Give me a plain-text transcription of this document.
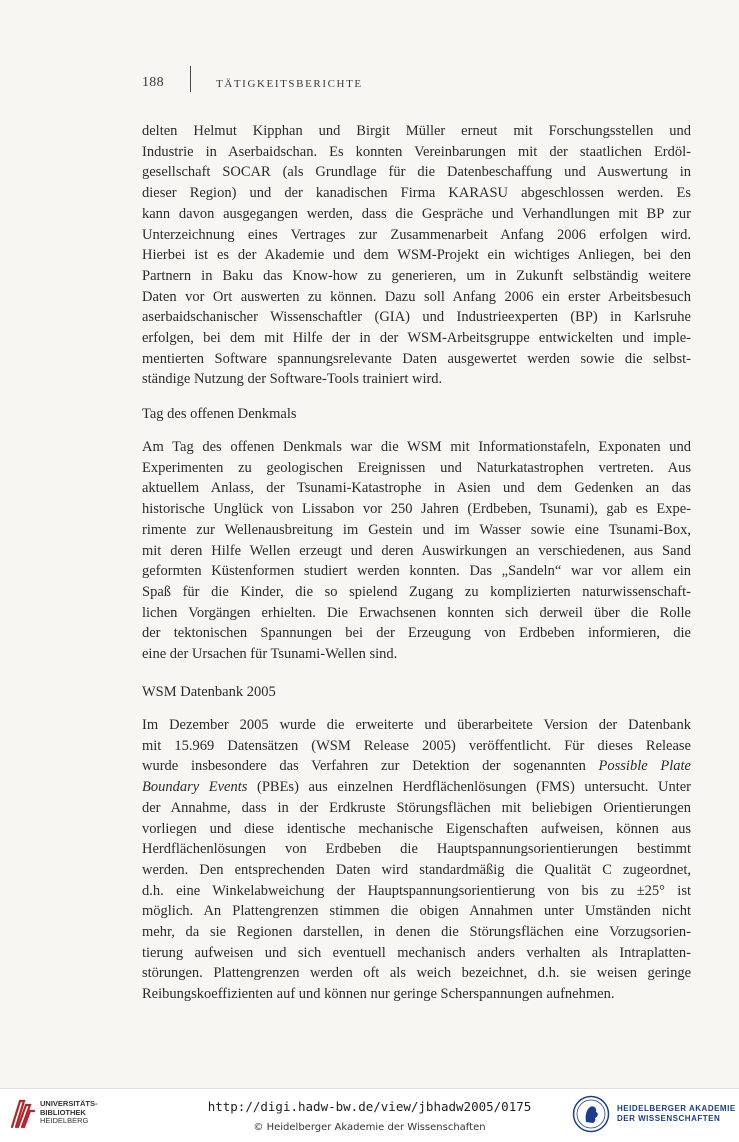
188	TÄTIGKEITSBERICHTE

delten Helmut Kipphan und Birgit Müller erneut mit Forschungsstellen und
Industrie in Aserbaidschan. Es konnten Vereinbarungen mit der staatlichen Erdöl-
gesellschaft SOCAR (als Grundlage für die Datenbeschaffung und Auswertung in
dieser Region) und der kanadischen Firma KARASU abgeschlossen werden. Es
kann davon ausgegangen werden, dass die Gespräche und Verhandlungen mit BP zur
Unterzeichnung eines Vertrages zur Zusammenarbeit Anfang 2006 erfolgen wird.
Hierbei ist es der Akademie und dem WSM-Projekt ein wichtiges Anliegen, bei den
Partnern in Baku das Know-how zu generieren, um in Zukunft selbständig weitere
Daten vor Ort auswerten zu können. Dazu soll Anfang 2006 ein erster Arbeitsbesuch
aserbaidschanischer Wissenschaftler (GIA) und Industrieexperten (BP) in Karlsruhe
erfolgen, bei dem mit Hilfe der in der WSM-Arbeitsgruppe entwickelten und imple-
mentierten Software spannungsrelevante Daten ausgewertet werden sowie die selbst-
ständige Nutzung der Software-Tools trainiert wird.

Tag des offenen Denkmals

Am Tag des offenen Denkmals war die WSM mit Informationstafeln, Exponaten und
Experimenten zu geologischen Ereignissen und Naturkatastrophen vertreten. Aus
aktuellem Anlass, der Tsunami-Katastrophe in Asien und dem Gedenken an das
historische Unglück von Lissabon vor 250 Jahren (Erdbeben, Tsunami), gab es Expe-
rimente zur Wellenausbreitung im Gestein und im Wasser sowie eine Tsunami-Box,
mit deren Hilfe Wellen erzeugt und deren Auswirkungen an verschiedenen, aus Sand
geformten Küstenformen studiert werden konnten. Das „Sandeln“ war vor allem ein
Spaß für die Kinder, die so spielend Zugang zu komplizierten naturwissenschaft-
lichen Vorgängen erhielten. Die Erwachsenen konnten sich derweil über die Rolle
der tektonischen Spannungen bei der Erzeugung von Erdbeben informieren, die
eine der Ursachen für Tsunami-Wellen sind.

WSM Datenbank 2005

Im Dezember 2005 wurde die erweiterte und überarbeitete Version der Datenbank
mit 15.969 Datensätzen (WSM Release 2005) veröffentlicht. Für dieses Release
wurde insbesondere das Verfahren zur Detektion der sogenannten Possible Plate
Boundary Events (PBEs) aus einzelnen Herdflächenlösungen (FMS) untersucht. Unter
der Annahme, dass in der Erdkruste Störungsflächen mit beliebigen Orientierungen
vorliegen und diese identische mechanische Eigenschaften aufweisen, können aus
Herdflächenlösungen von Erdbeben die Hauptspannungsorientierungen bestimmt
werden. Den entsprechenden Daten wird standardmäßig die Qualität C zugeordnet,
d.h. eine Winkelabweichung der Hauptspannungsorientierung von bis zu ±25° ist
möglich. An Plattengrenzen stimmen die obigen Annahmen unter Umständen nicht
mehr, da sie Regionen darstellen, in denen die Störungsflächen eine Vorzugsorien-
tierung aufweisen und sich eventuell mechanisch anders verhalten als Intraplatten-
störungen. Plattengrenzen werden oft als weich bezeichnet, d.h. sie weisen geringe
Reibungskoeffizienten auf und können nur geringe Scherspannungen aufnehmen.

UNIVERSITÄTS-
BIBLIOTHEK
HEIDELBERG
http://digi.hadw-bw.de/view/jbhadw2005/0175
© Heidelberger Akademie der Wissenschaften
HEIDELBERGER AKADEMIE
DER WISSENSCHAFTEN
